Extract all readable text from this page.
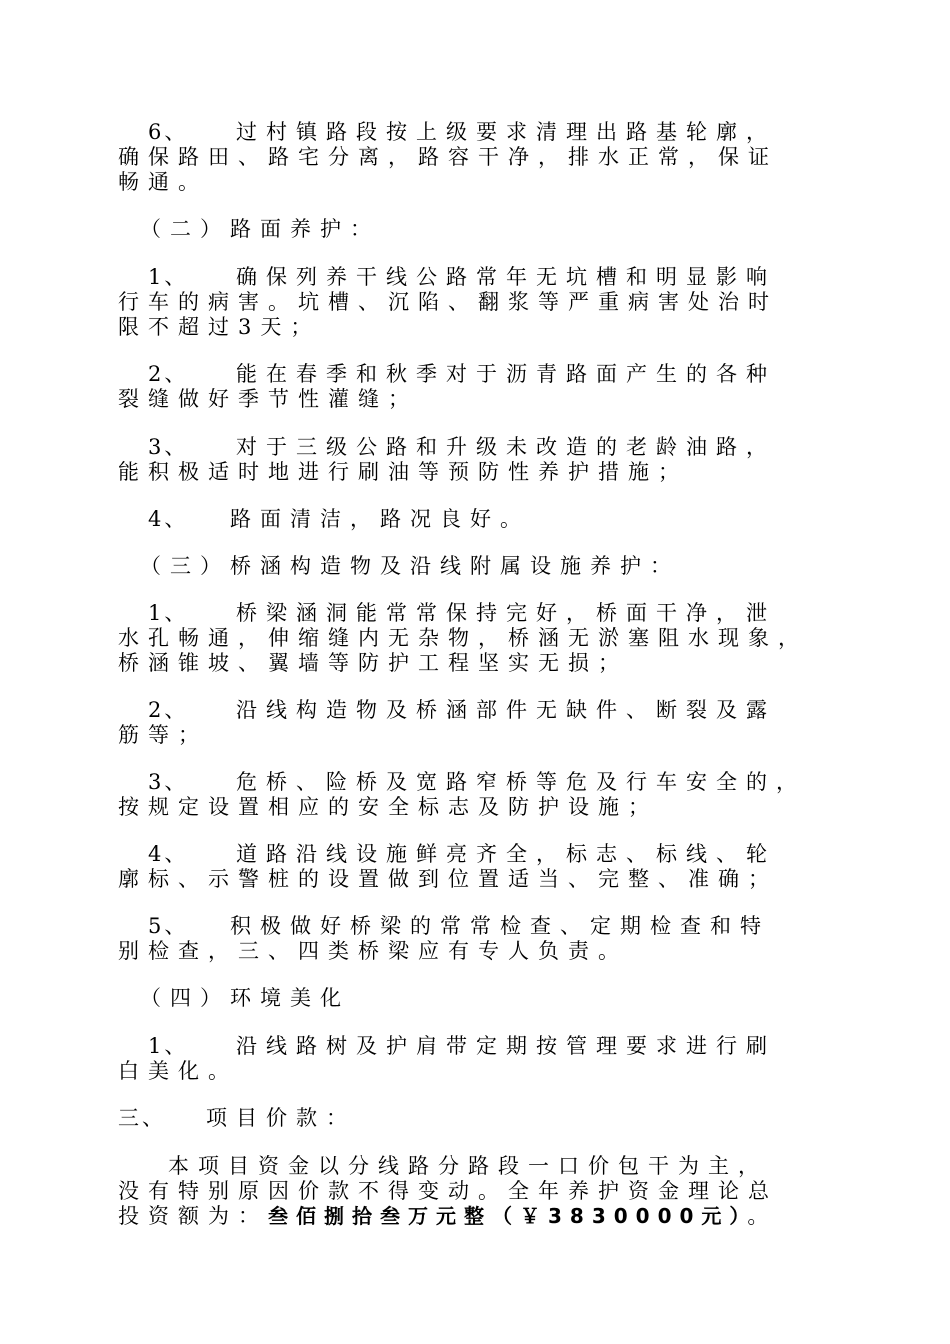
6、 过村镇路段按上级要求清理出路基轮廓，
确保路田、路宅分离，路容干净，排水正常，保证
畅通。
（二）路面养护：
1、 确保列养干线公路常年无坑槽和明显影响
行车的病害。坑槽、沉陷、翻浆等严重病害处治时
限不超过3天；
2、 能在春季和秋季对于沥青路面产生的各种
裂缝做好季节性灌缝；
3、 对于三级公路和升级未改造的老龄油路，
能积极适时地进行刷油等预防性养护措施；
4、 路面清洁，路况良好。
（三）桥涵构造物及沿线附属设施养护：
1、 桥梁涵洞能常常保持完好，桥面干净，泄
水孔畅通，伸缩缝内无杂物，桥涵无淤塞阻水现象，
桥涵锥坡、翼墙等防护工程坚实无损；
2、 沿线构造物及桥涵部件无缺件、断裂及露
筋等；
3、 危桥、险桥及宽路窄桥等危及行车安全的，
按规定设置相应的安全标志及防护设施；
4、 道路沿线设施鲜亮齐全，标志、标线、轮
廓标、示警桩的设置做到位置适当、完整、准确；
5、 积极做好桥梁的常常检查、定期检查和特
别检查，三、四类桥梁应有专人负责。
（四）环境美化
1、 沿线路树及护肩带定期按管理要求进行刷
白美化。
三、 项目价款：
本项目资金以分线路分路段一口价包干为主，
没有特别原因价款不得变动。全年养护资金理论总
投资额为：叁佰捌拾叁万元整（￥3830000元）。
